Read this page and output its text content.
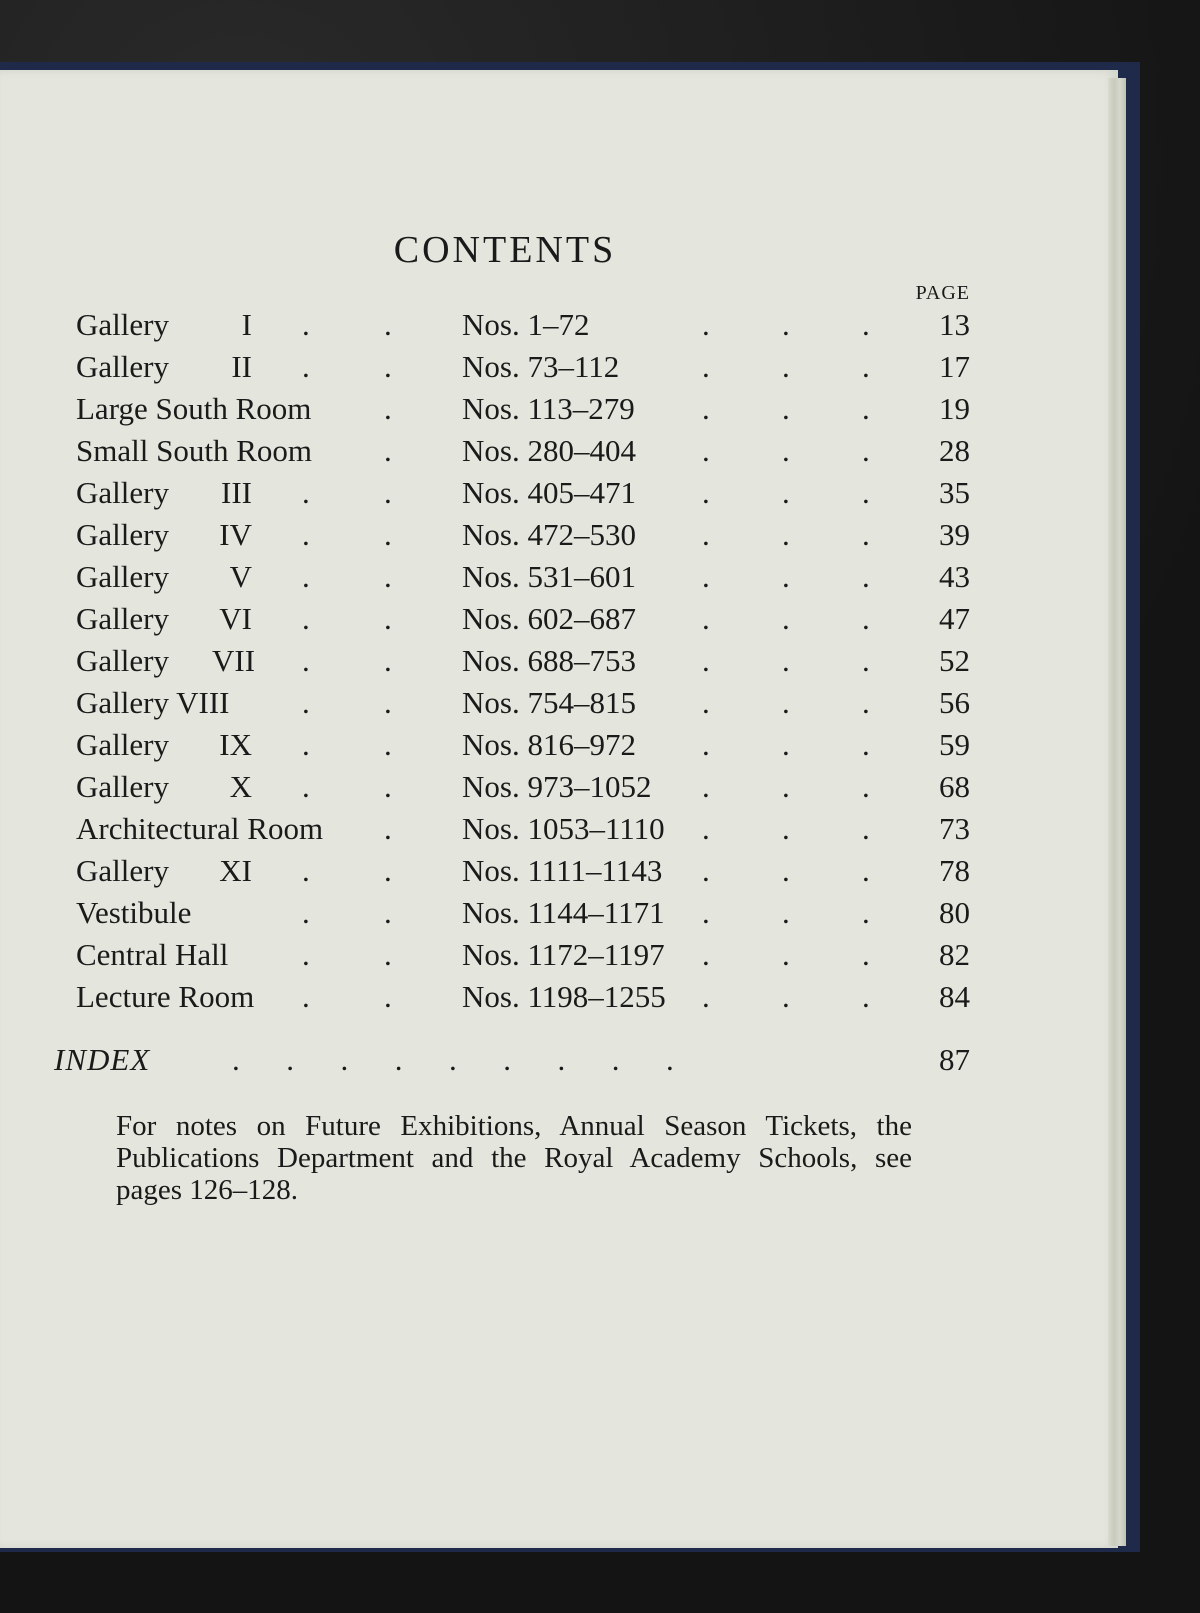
CONTENTS
PAGE
Gallery	I . . Nos. 1–72	. . .	13
Gallery	II . . Nos. 73–112	. . .	17
Large South Room . Nos. 113–279 . . .	19
Small South Room . Nos. 280–404 . . .	28
Gallery III . . Nos. 405–471 . . .	35
Gallery IV . . Nos. 472–530 . . .	39
Gallery	V . . Nos. 531–601 . . .	43
Gallery VI . . Nos. 602–687 . . .	47
Gallery VII . . Nos. 688–753 . . .	52
Gallery VIII . . Nos. 754–815 . . .	56
Gallery IX . . Nos. 816–972 . . .	59
Gallery	X . . Nos. 973–1052 . . .	68
Architectural Room . Nos. 1053–1110 . . .	73
Gallery XI . . Nos. 1111–1143 . . .	78
Vestibule	. . Nos. 1144–1171 . . .	80
Central Hall . . Nos. 1172–1197 . . .	82
Lecture Room . . Nos. 1198–1255 . . .	84
INDEX	.      .      .      .      .      .      .      .      .	87
For notes on Future Exhibitions, Annual Season Tickets, the Publications Department and the Royal Academy Schools, see pages 126–128.
